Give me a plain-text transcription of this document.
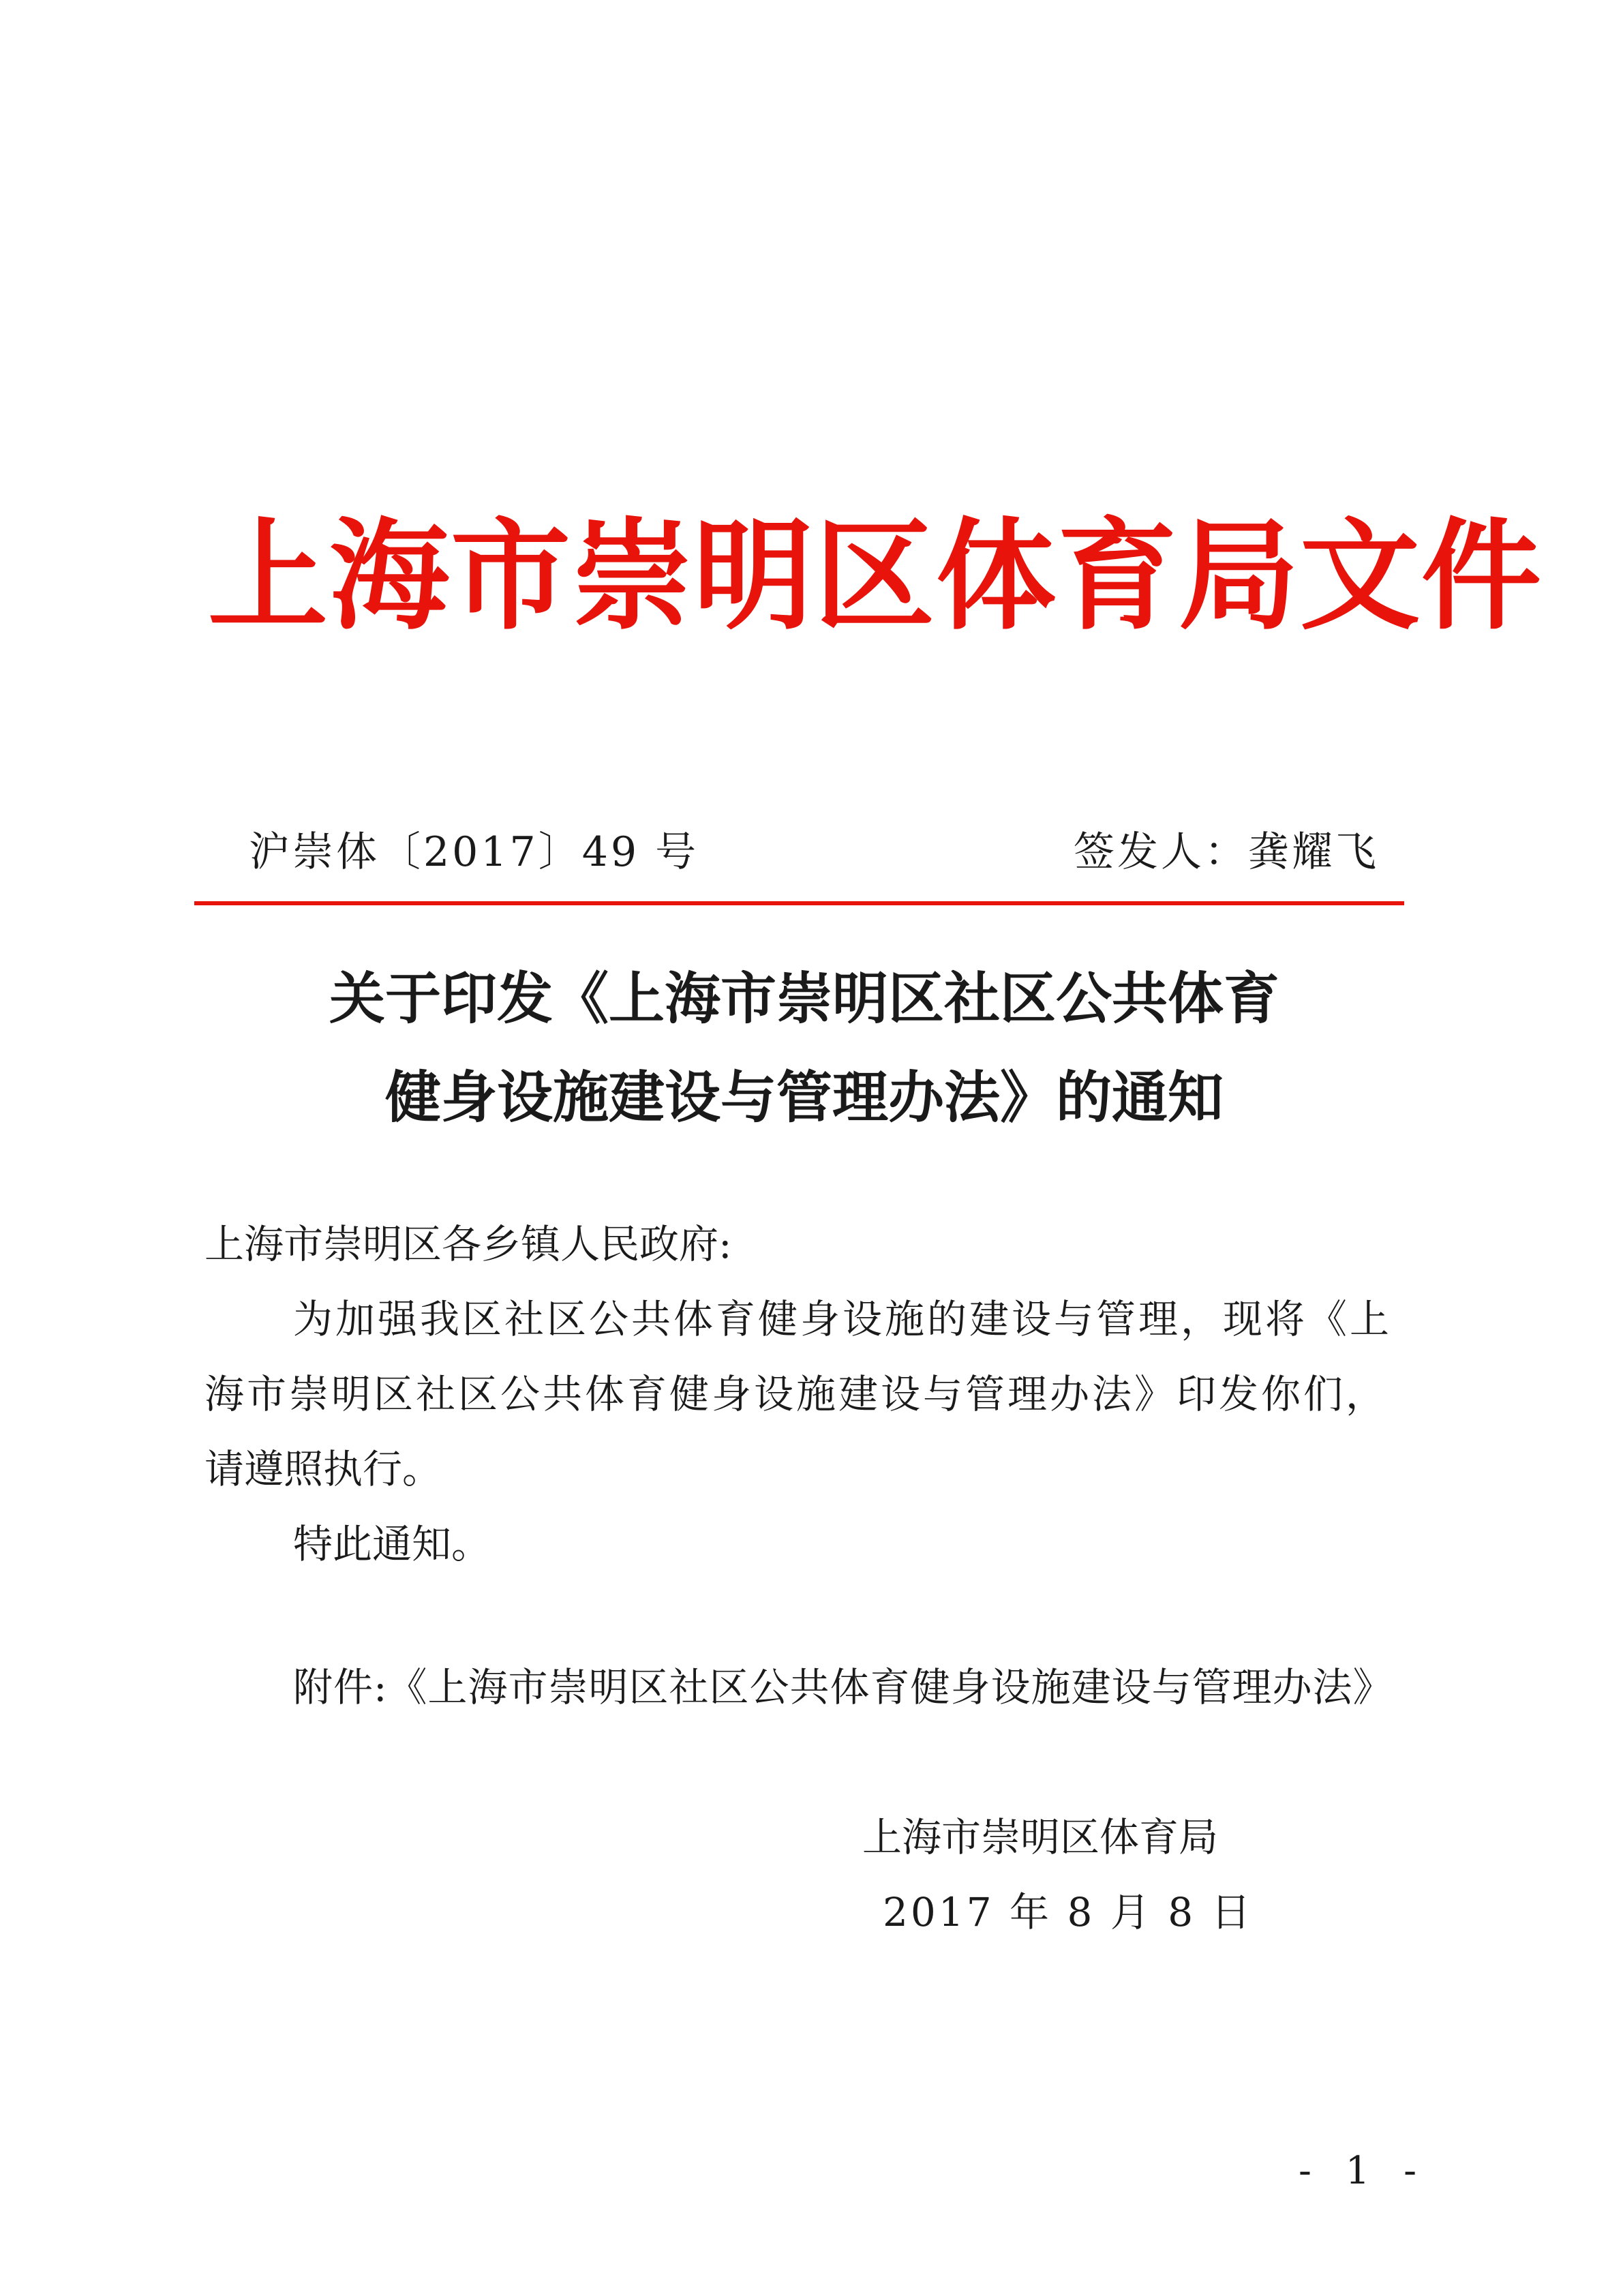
上海市崇明区体育局文件
沪崇体〔2017〕49 号	签发人：龚耀飞
关于印发《上海市崇明区社区公共体育
健身设施建设与管理办法》的通知
上海市崇明区各乡镇人民政府:
为加强我区社区公共体育健身设施的建设与管理，现将《上
海市崇明区社区公共体育健身设施建设与管理办法》印发你们，
请遵照执行。
特此通知。
附件:《上海市崇明区社区公共体育健身设施建设与管理办法》
上海市崇明区体育局
2017 年 8 月 8 日
- 1 -
